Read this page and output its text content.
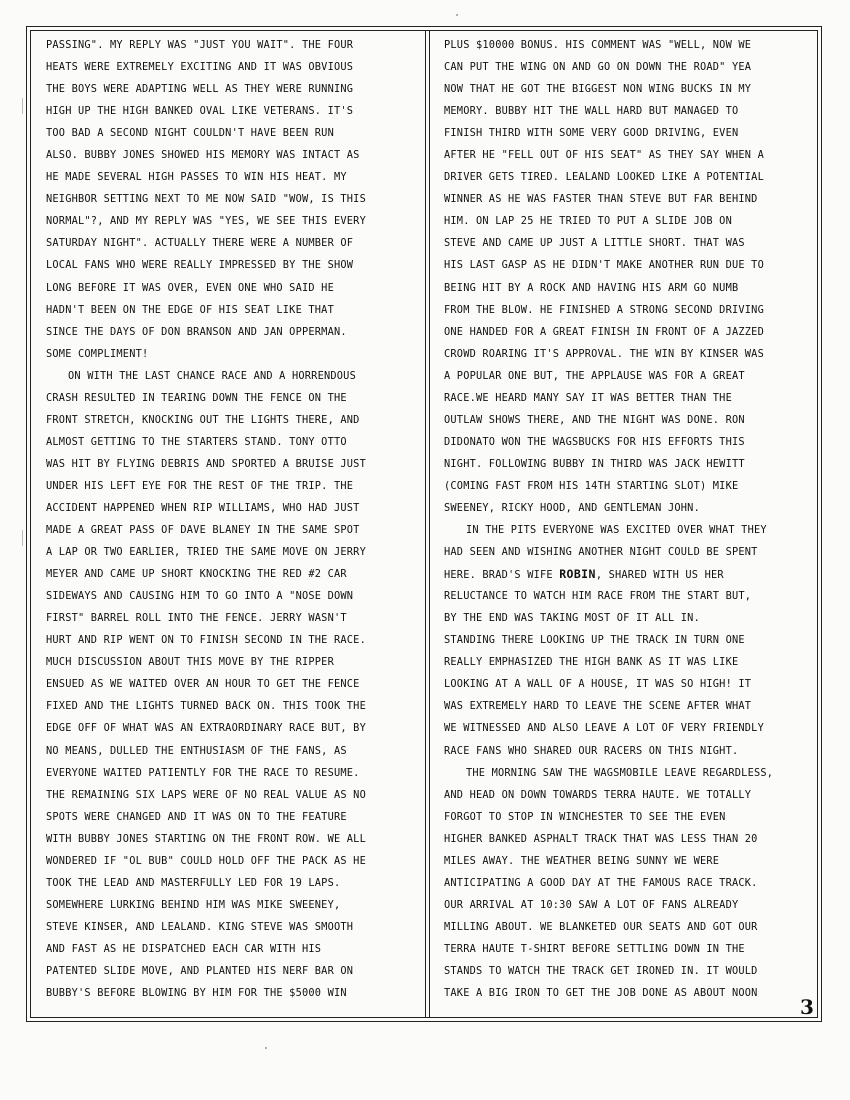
PASSING". MY REPLY WAS "JUST YOU WAIT". THE FOUR
HEATS WERE EXTREMELY EXCITING AND IT WAS OBVIOUS
THE BOYS WERE ADAPTING WELL AS THEY WERE RUNNING
HIGH UP THE HIGH BANKED OVAL LIKE VETERANS. IT'S
TOO BAD A SECOND NIGHT COULDN'T HAVE BEEN RUN
ALSO. BUBBY JONES SHOWED HIS MEMORY WAS INTACT AS
HE MADE SEVERAL HIGH PASSES TO WIN HIS HEAT. MY
NEIGHBOR SETTING NEXT TO ME NOW SAID "WOW, IS THIS
NORMAL"?, AND MY REPLY WAS "YES, WE SEE THIS EVERY
SATURDAY NIGHT". ACTUALLY THERE WERE A NUMBER OF
LOCAL FANS WHO WERE REALLY IMPRESSED BY THE SHOW
LONG BEFORE IT WAS OVER, EVEN ONE WHO SAID HE
HADN'T BEEN ON THE EDGE OF HIS SEAT LIKE THAT
SINCE THE DAYS OF DON BRANSON AND JAN OPPERMAN.
SOME COMPLIMENT!
ON WITH THE LAST CHANCE RACE AND A HORRENDOUS
CRASH RESULTED IN TEARING DOWN THE FENCE ON THE
FRONT STRETCH, KNOCKING OUT THE LIGHTS THERE, AND
ALMOST GETTING TO THE STARTERS STAND. TONY OTTO
WAS HIT BY FLYING DEBRIS AND SPORTED A BRUISE JUST
UNDER HIS LEFT EYE FOR THE REST OF THE TRIP. THE
ACCIDENT HAPPENED WHEN RIP WILLIAMS, WHO HAD JUST
MADE A GREAT PASS OF DAVE BLANEY IN THE SAME SPOT
A LAP OR TWO EARLIER, TRIED THE SAME MOVE ON JERRY
MEYER AND CAME UP SHORT KNOCKING THE RED #2 CAR
SIDEWAYS AND CAUSING HIM TO GO INTO A "NOSE DOWN
FIRST" BARREL ROLL INTO THE FENCE. JERRY WASN'T
HURT AND RIP WENT ON TO FINISH SECOND IN THE RACE.
MUCH DISCUSSION ABOUT THIS MOVE BY THE RIPPER
ENSUED AS WE WAITED OVER AN HOUR TO GET THE FENCE
FIXED AND THE LIGHTS TURNED BACK ON. THIS TOOK THE
EDGE OFF OF WHAT WAS AN EXTRAORDINARY RACE BUT, BY
NO MEANS, DULLED THE ENTHUSIASM OF THE FANS, AS
EVERYONE WAITED PATIENTLY FOR THE RACE TO RESUME.
THE REMAINING SIX LAPS WERE OF NO REAL VALUE AS NO
SPOTS WERE CHANGED AND IT WAS ON TO THE FEATURE
WITH BUBBY JONES STARTING ON THE FRONT ROW. WE ALL
WONDERED IF "OL BUB" COULD HOLD OFF THE PACK AS HE
TOOK THE LEAD AND MASTERFULLY LED FOR 19 LAPS.
SOMEWHERE LURKING BEHIND HIM WAS MIKE SWEENEY,
STEVE KINSER, AND LEALAND. KING STEVE WAS SMOOTH
AND FAST AS HE DISPATCHED EACH CAR WITH HIS
PATENTED SLIDE MOVE, AND PLANTED HIS NERF BAR ON
BUBBY'S BEFORE BLOWING BY HIM FOR THE $5000 WIN
PLUS $10000 BONUS. HIS COMMENT WAS "WELL, NOW WE
CAN PUT THE WING ON AND GO ON DOWN THE ROAD" YEA
NOW THAT HE GOT THE BIGGEST NON WING BUCKS IN MY
MEMORY. BUBBY HIT THE WALL HARD BUT MANAGED TO
FINISH THIRD WITH SOME VERY GOOD DRIVING, EVEN
AFTER HE "FELL OUT OF HIS SEAT" AS THEY SAY WHEN A
DRIVER GETS TIRED. LEALAND LOOKED LIKE A POTENTIAL
WINNER AS HE WAS FASTER THAN STEVE BUT FAR BEHIND
HIM. ON LAP 25 HE TRIED TO PUT A SLIDE JOB ON
STEVE AND CAME UP JUST A LITTLE SHORT. THAT WAS
HIS LAST GASP AS HE DIDN'T MAKE ANOTHER RUN DUE TO
BEING HIT BY A ROCK AND HAVING HIS ARM GO NUMB
FROM THE BLOW. HE FINISHED A STRONG SECOND DRIVING
ONE HANDED FOR A GREAT FINISH IN FRONT OF A JAZZED
CROWD ROARING IT'S APPROVAL. THE WIN BY KINSER WAS
A POPULAR ONE BUT, THE APPLAUSE WAS FOR A GREAT
RACE.WE HEARD MANY SAY IT WAS BETTER THAN THE
OUTLAW SHOWS THERE, AND THE NIGHT WAS DONE. RON
DIDONATO WON THE WAGSBUCKS FOR HIS EFFORTS THIS
NIGHT. FOLLOWING BUBBY IN THIRD WAS JACK HEWITT
(COMING FAST FROM HIS 14TH STARTING SLOT) MIKE
SWEENEY, RICKY HOOD, AND GENTLEMAN JOHN.
IN THE PITS EVERYONE WAS EXCITED OVER WHAT THEY
HAD SEEN AND WISHING ANOTHER NIGHT COULD BE SPENT
HERE. BRAD'S WIFE ROBIN, SHARED WITH US HER
RELUCTANCE TO WATCH HIM RACE FROM THE START BUT,
BY THE END WAS TAKING MOST OF IT ALL IN.
STANDING THERE LOOKING UP THE TRACK IN TURN ONE
REALLY EMPHASIZED THE HIGH BANK AS IT WAS LIKE
LOOKING AT A WALL OF A HOUSE, IT WAS SO HIGH! IT
WAS EXTREMELY HARD TO LEAVE THE SCENE AFTER WHAT
WE WITNESSED AND ALSO LEAVE A LOT OF VERY FRIENDLY
RACE FANS WHO SHARED OUR RACERS ON THIS NIGHT.
THE MORNING SAW THE WAGSMOBILE LEAVE REGARDLESS,
AND HEAD ON DOWN TOWARDS TERRA HAUTE. WE TOTALLY
FORGOT TO STOP IN WINCHESTER TO SEE THE EVEN
HIGHER BANKED ASPHALT TRACK THAT WAS LESS THAN 20
MILES AWAY. THE WEATHER BEING SUNNY WE WERE
ANTICIPATING A GOOD DAY AT THE FAMOUS RACE TRACK.
OUR ARRIVAL AT 10:30 SAW A LOT OF FANS ALREADY
MILLING ABOUT. WE BLANKETED OUR SEATS AND GOT OUR
TERRA HAUTE T-SHIRT BEFORE SETTLING DOWN IN THE
STANDS TO WATCH THE TRACK GET IRONED IN. IT WOULD
TAKE A BIG IRON TO GET THE JOB DONE AS ABOUT NOON
3
